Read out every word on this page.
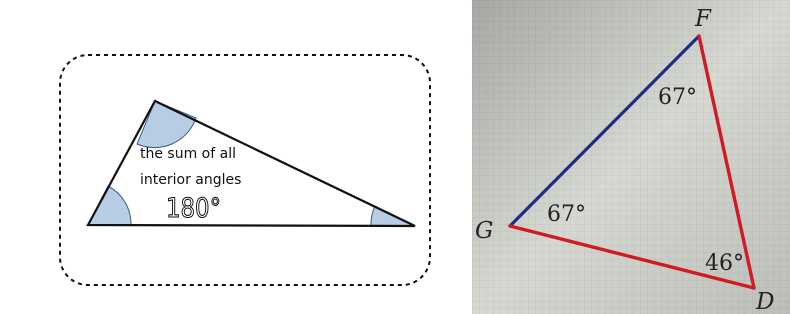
the sum of all
interior angles
180°
F
G
D
67°
67°
46°
